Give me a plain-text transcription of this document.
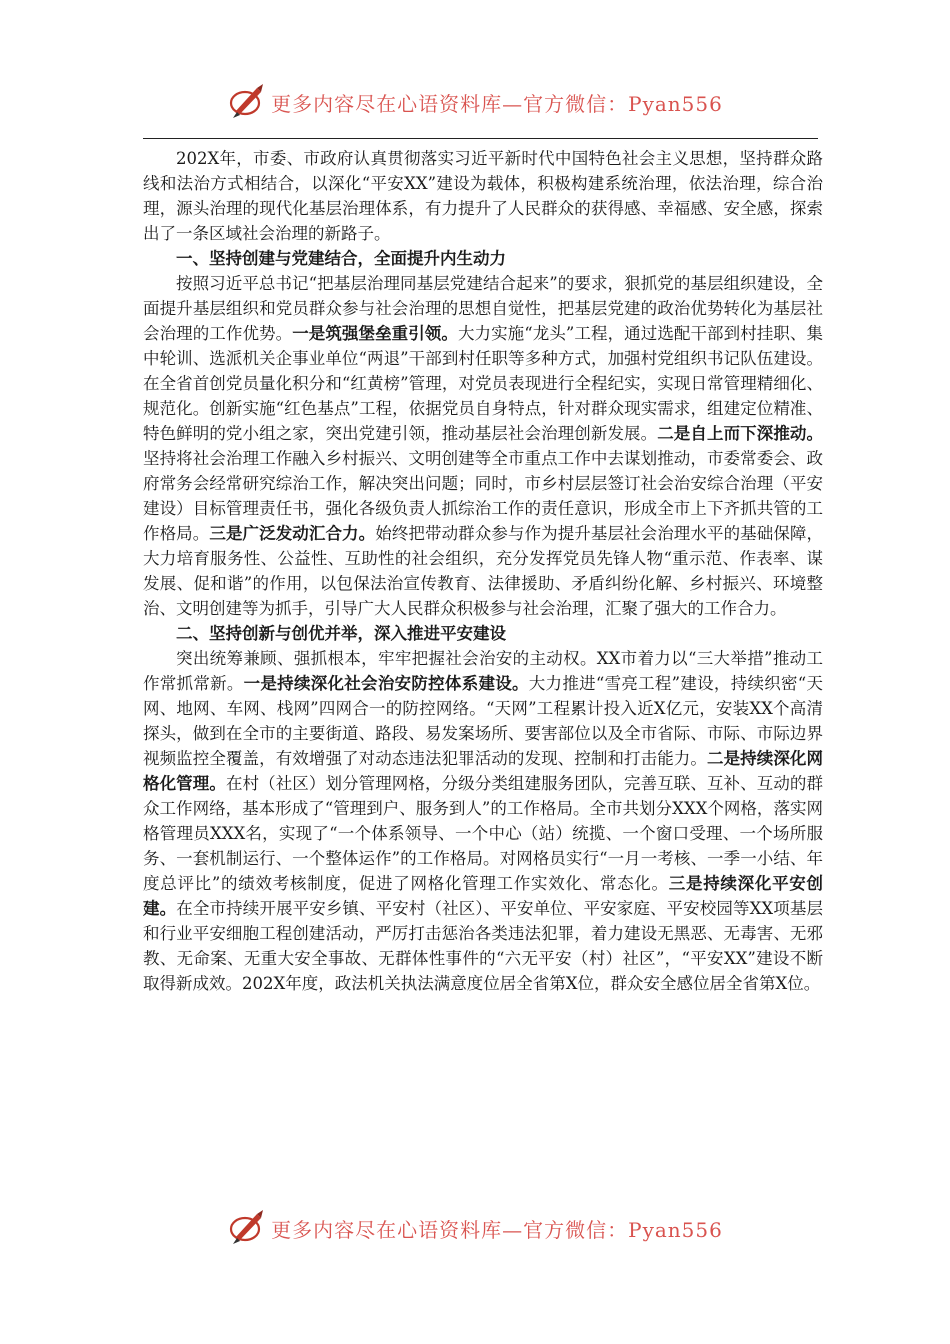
更多内容尽在心语资料库—官方微信：Pyan556

202X年，市委、市政府认真贯彻落实习近平新时代中国特色社会主义思想，坚持群众路线和法治方式相结合，以深化“平安XX”建设为载体，积极构建系统治理，依法治理，综合治理，源头治理的现代化基层治理体系，有力提升了人民群众的获得感、幸福感、安全感，探索出了一条区域社会治理的新路子。

一、坚持创建与党建结合，全面提升内生动力

按照习近平总书记“把基层治理同基层党建结合起来”的要求，狠抓党的基层组织建设，全面提升基层组织和党员群众参与社会治理的思想自觉性，把基层党建的政治优势转化为基层社会治理的工作优势。一是筑强堡垒重引领。大力实施“龙头”工程，通过选配干部到村挂职、集中轮训、选派机关企事业单位“两退”干部到村任职等多种方式，加强村党组织书记队伍建设。在全省首创党员量化积分和“红黄榜”管理，对党员表现进行全程纪实，实现日常管理精细化、规范化。创新实施“红色基点”工程，依据党员自身特点，针对群众现实需求，组建定位精准、特色鲜明的党小组之家，突出党建引领，推动基层社会治理创新发展。二是自上而下深推动。坚持将社会治理工作融入乡村振兴、文明创建等全市重点工作中去谋划推动，市委常委会、政府常务会经常研究综治工作，解决突出问题；同时，市乡村层层签订社会治安综合治理（平安建设）目标管理责任书，强化各级负责人抓综治工作的责任意识，形成全市上下齐抓共管的工作格局。三是广泛发动汇合力。始终把带动群众参与作为提升基层社会治理水平的基础保障，大力培育服务性、公益性、互助性的社会组织，充分发挥党员先锋人物“重示范、作表率、谋发展、促和谐”的作用，以包保法治宣传教育、法律援助、矛盾纠纷化解、乡村振兴、环境整治、文明创建等为抓手，引导广大人民群众积极参与社会治理，汇聚了强大的工作合力。

二、坚持创新与创优并举，深入推进平安建设

突出统筹兼顾、强抓根本，牢牢把握社会治安的主动权。XX市着力以“三大举措”推动工作常抓常新。一是持续深化社会治安防控体系建设。大力推进“雪亮工程”建设，持续织密“天网、地网、车网、栈网”四网合一的防控网络。“天网”工程累计投入近X亿元，安装XX个高清探头，做到在全市的主要街道、路段、易发案场所、要害部位以及全市省际、市际、市际边界视频监控全覆盖，有效增强了对动态违法犯罪活动的发现、控制和打击能力。二是持续深化网格化管理。在村（社区）划分管理网格，分级分类组建服务团队，完善互联、互补、互动的群众工作网络，基本形成了“管理到户、服务到人”的工作格局。全市共划分XXX个网格，落实网格管理员XXX名，实现了“一个体系领导、一个中心（站）统揽、一个窗口受理、一个场所服务、一套机制运行、一个整体运作”的工作格局。对网格员实行“一月一考核、一季一小结、年度总评比”的绩效考核制度，促进了网格化管理工作实效化、常态化。三是持续深化平安创建。在全市持续开展平安乡镇、平安村（社区）、平安单位、平安家庭、平安校园等XX项基层和行业平安细胞工程创建活动，严厉打击惩治各类违法犯罪，着力建设无黑恶、无毒害、无邪教、无命案、无重大安全事故、无群体性事件的“六无平安（村）社区”，“平安XX”建设不断取得新成效。202X年度，政法机关执法满意度位居全省第X位，群众安全感位居全省第X位。

更多内容尽在心语资料库—官方微信：Pyan556
